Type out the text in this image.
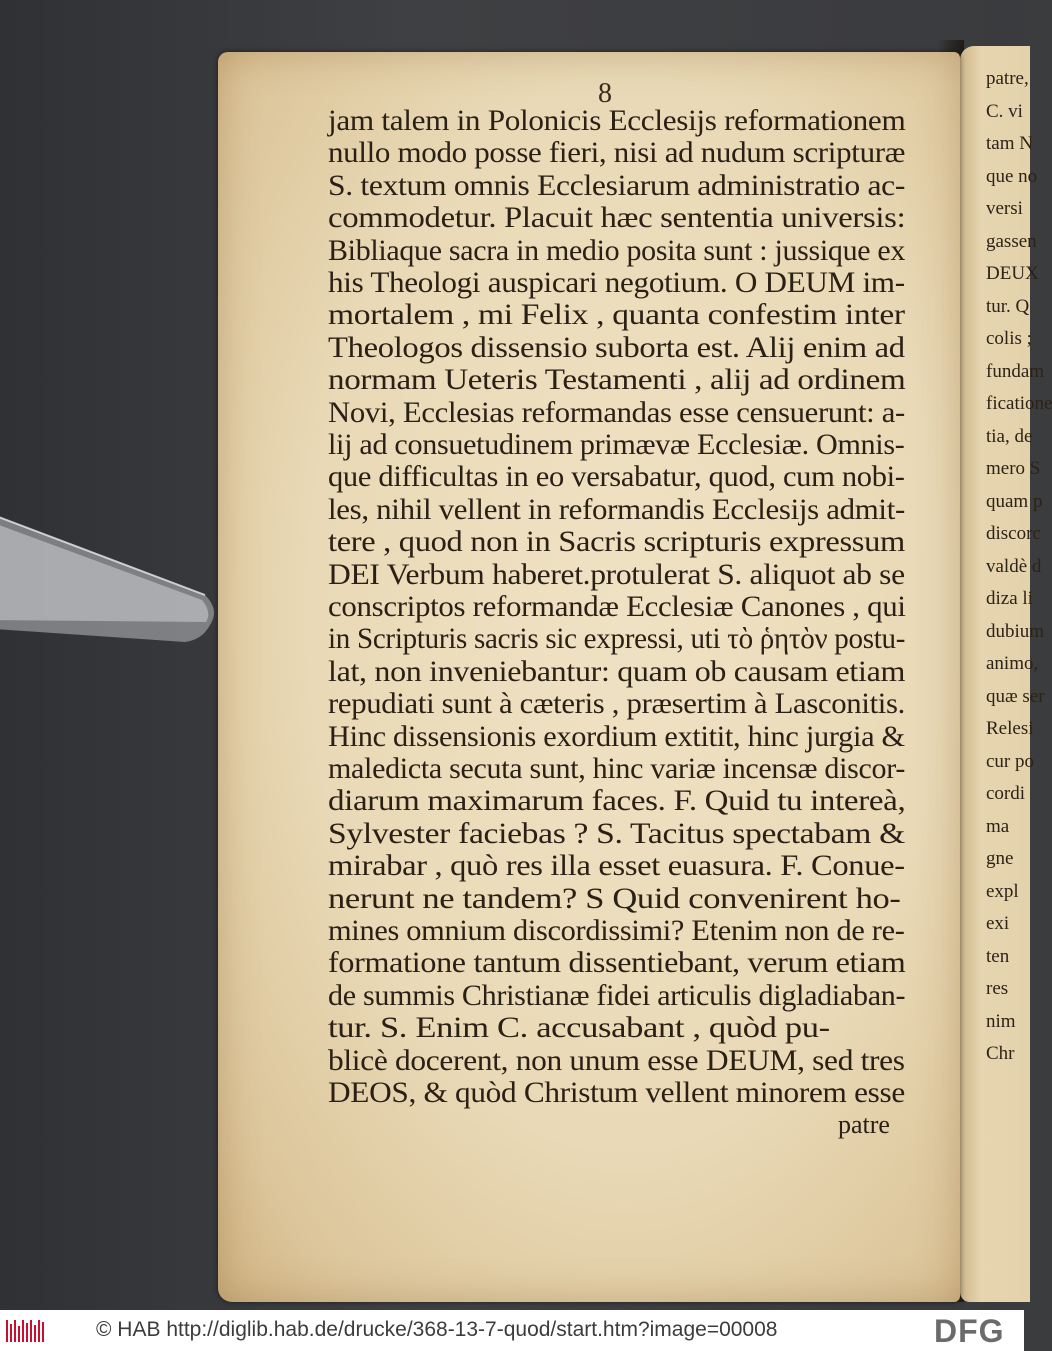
patre,
C. vi
tam N
que no
versi
gassen
DEUX
tur. Q
colis ;
fundam
ficatione
tia, de
mero S
quam p
discorc
valdè d
diza li
dubium
animo,
quæ ser
Relesi
cur po
cordi
ma
gne
expl
exi
ten
res
nim
Chr
8
jam talem in Polonicis Ecclesijs reformationem
nullo modo posse fieri, nisi ad nudum scripturæ
S. textum omnis Ecclesiarum administratio ac-
commodetur. Placuit hæc sententia universis:
Bibliaque sacra in medio posita sunt : jussique ex
his Theologi auspicari negotium. O DEUM im-
mortalem , mi Felix , quanta confestim inter
Theologos dissensio suborta est. Alij enim ad
normam Ueteris Testamenti , alij ad ordinem
Novi, Ecclesias reformandas esse censuerunt: a-
lij ad consuetudinem primævæ Ecclesiæ. Omnis-
que difficultas in eo versabatur, quod, cum nobi-
les, nihil vellent in reformandis Ecclesijs admit-
tere , quod non in Sacris scripturis expressum
DEI Verbum haberet.protulerat S. aliquot ab se
conscriptos reformandæ Ecclesiæ Canones , qui
in Scripturis sacris sic expressi, uti τὸ ῥητὸν postu-
lat, non inveniebantur: quam ob causam etiam
repudiati sunt à cæteris , præsertim à Lasconitis.
Hinc dissensionis exordium extitit, hinc jurgia &
maledicta secuta sunt, hinc variæ incensæ discor-
diarum maximarum faces. F. Quid tu intereà,
Sylvester faciebas ? S. Tacitus spectabam &
mirabar , quò res illa esset euasura. F. Conue-
nerunt ne tandem? S Quid convenirent ho-
mines omnium discordissimi? Etenim non de re-
formatione tantum dissentiebant, verum etiam
de summis Christianæ fidei articulis digladiaban-
tur. S. Enim C. accusabant , quòd pu-
blicè docerent, non unum esse DEUM, sed tres
DEOS, & quòd Christum vellent minorem esse
patre
© HAB http://diglib.hab.de/drucke/368-13-7-quod/start.htm?image=00008	DFG
